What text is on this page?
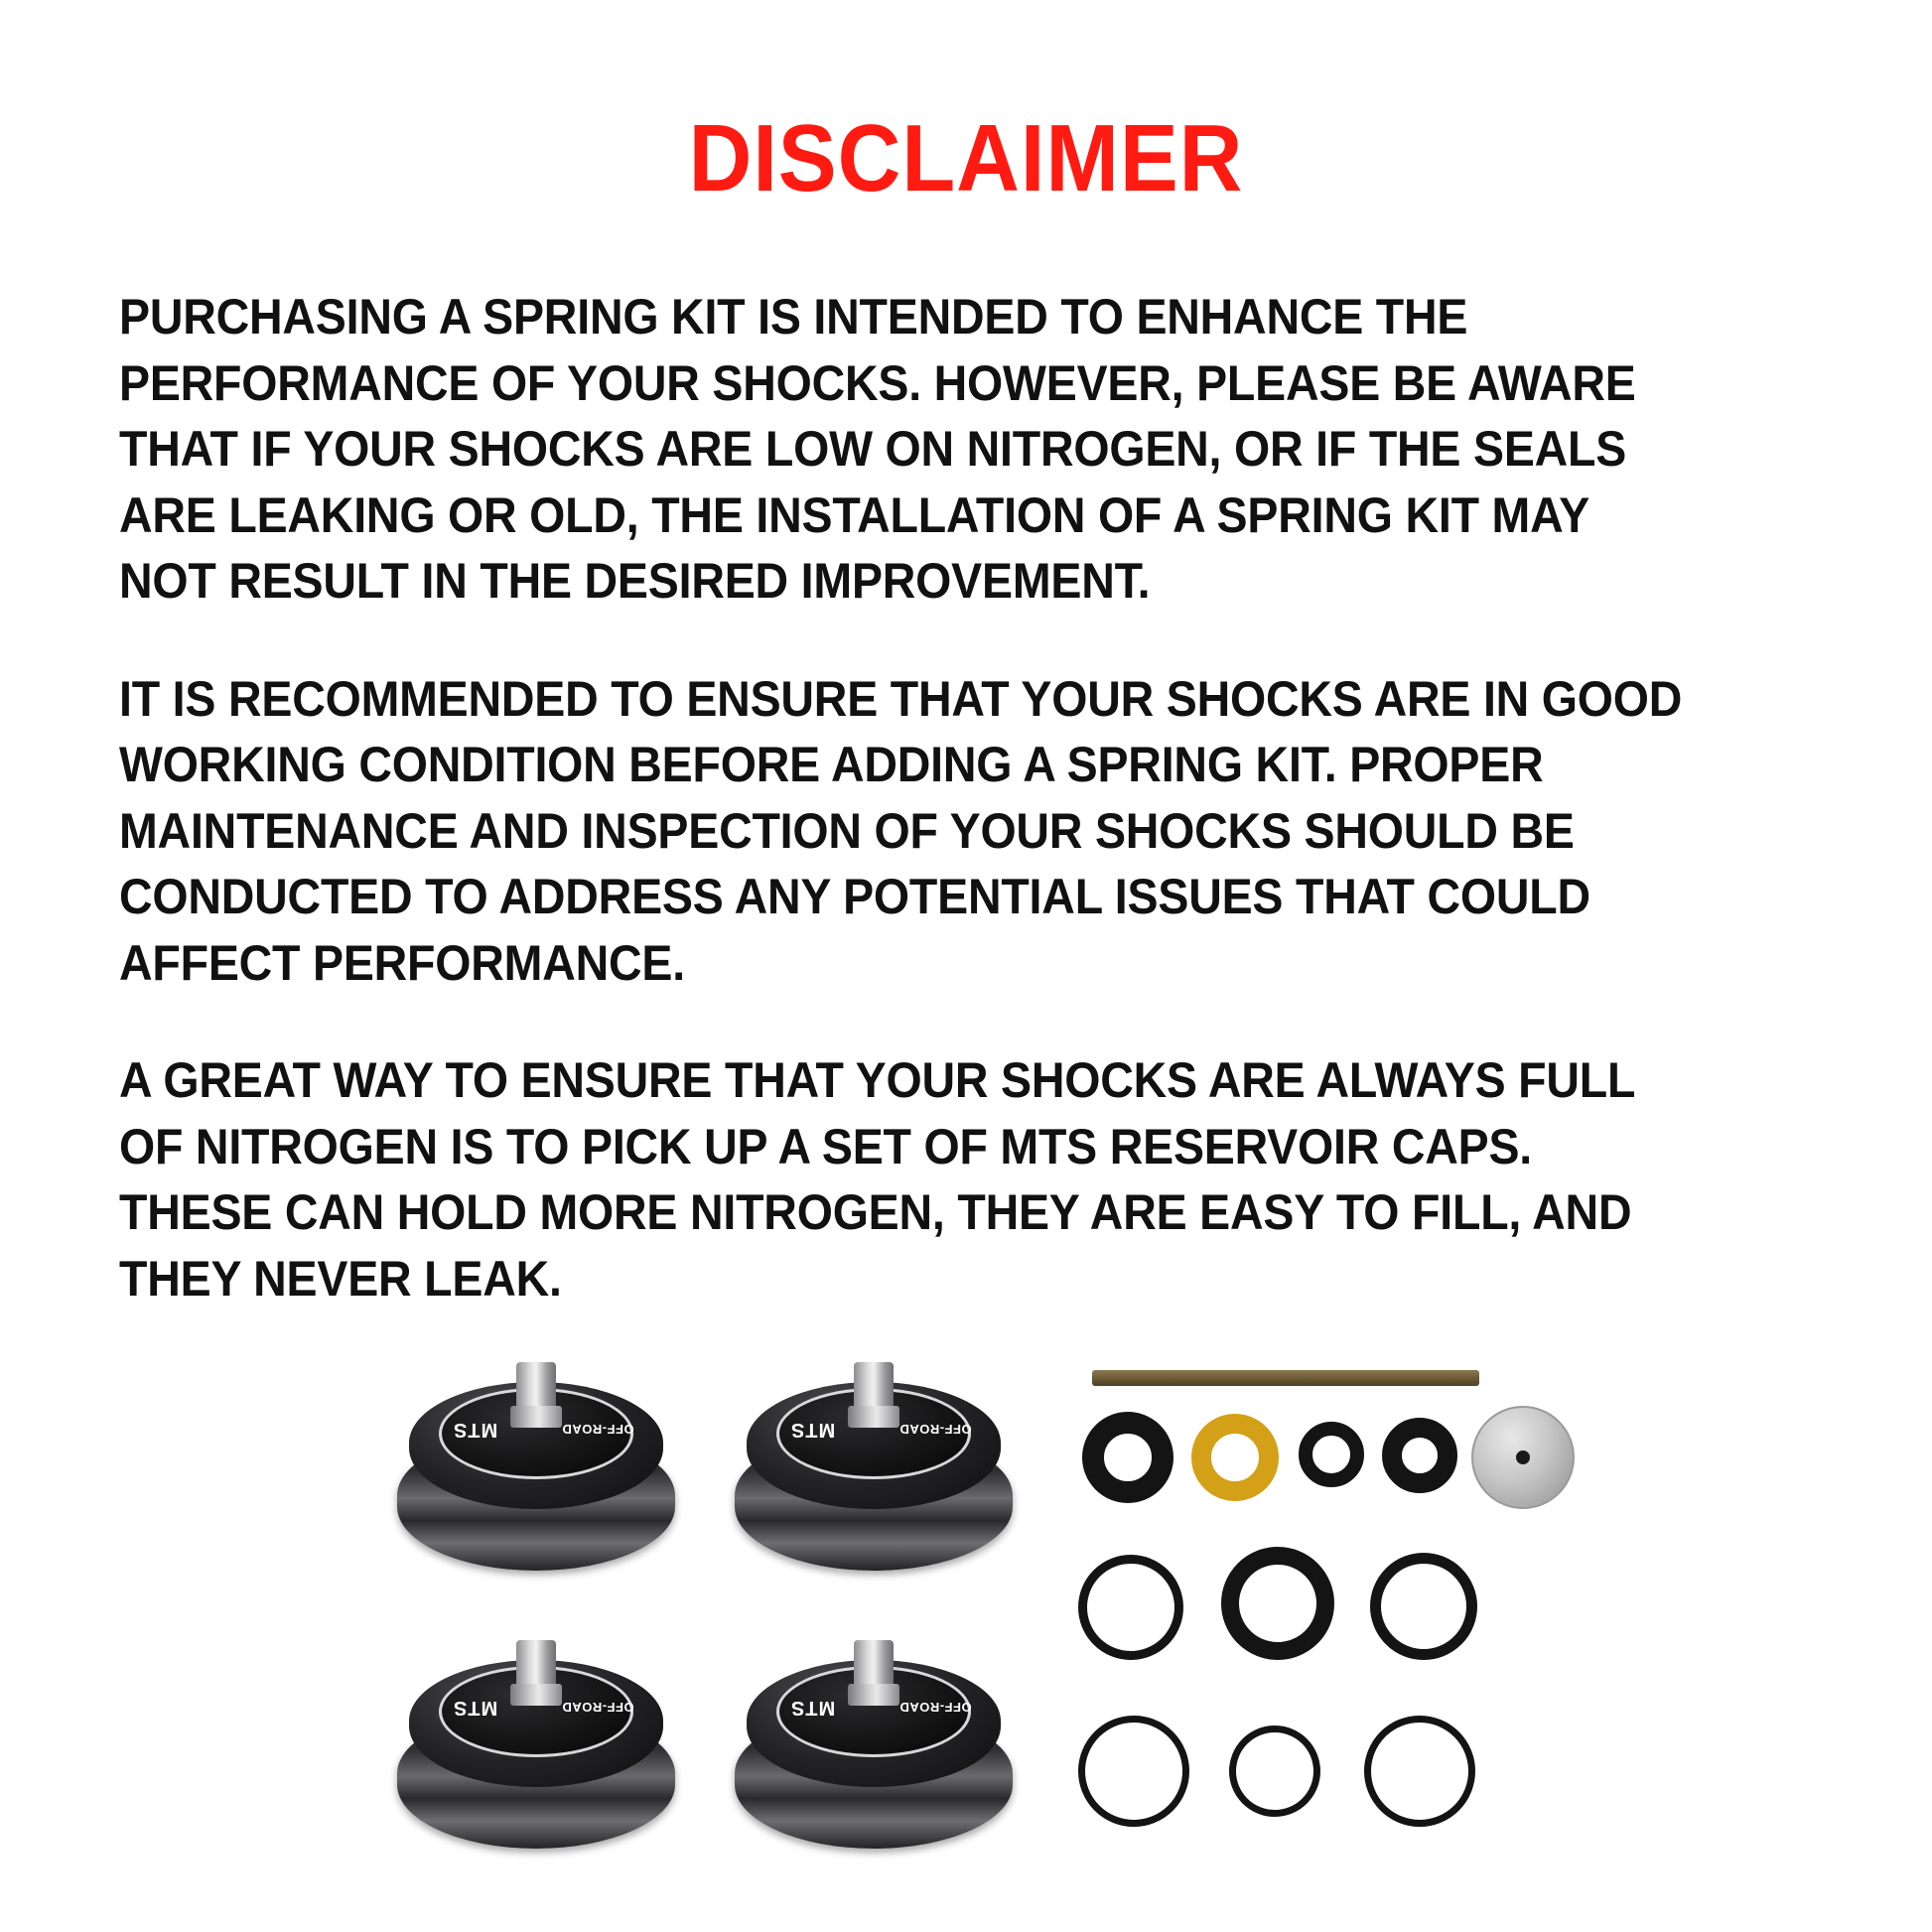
DISCLAIMER

PURCHASING A SPRING KIT IS INTENDED TO ENHANCE THE PERFORMANCE OF YOUR SHOCKS. HOWEVER, PLEASE BE AWARE THAT IF YOUR SHOCKS ARE LOW ON NITROGEN, OR IF THE SEALS ARE LEAKING OR OLD, THE INSTALLATION OF A SPRING KIT MAY NOT RESULT IN THE DESIRED IMPROVEMENT.

IT IS RECOMMENDED TO ENSURE THAT YOUR SHOCKS ARE IN GOOD WORKING CONDITION BEFORE ADDING A SPRING KIT. PROPER MAINTENANCE AND INSPECTION OF YOUR SHOCKS SHOULD BE CONDUCTED TO ADDRESS ANY POTENTIAL ISSUES THAT COULD AFFECT PERFORMANCE.

A GREAT WAY TO ENSURE THAT YOUR SHOCKS ARE ALWAYS FULL OF NITROGEN IS TO PICK UP A SET OF MTS RESERVOIR CAPS. THESE CAN HOLD MORE NITROGEN, THEY ARE EASY TO FILL, AND THEY NEVER LEAK.

MTS	OFF-ROAD	MTS	OFF-ROAD
MTS	OFF-ROAD	MTS	OFF-ROAD
